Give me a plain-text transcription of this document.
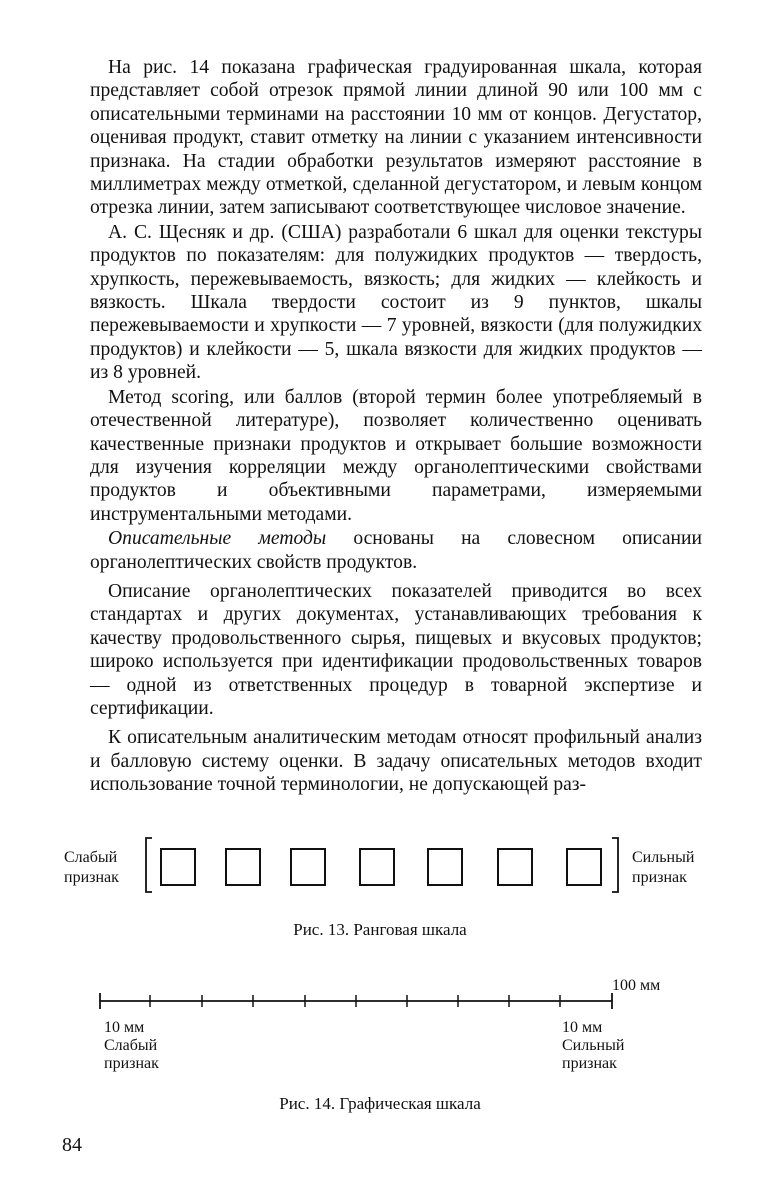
На рис. 14 показана графическая градуированная шкала, которая представляет собой отрезок прямой линии длиной 90 или 100 мм с описательными терминами на расстоянии 10 мм от концов. Дегустатор, оценивая продукт, ставит отметку на линии с указанием интенсивности признака. На стадии обработки результатов измеряют расстояние в миллиметрах между отметкой, сделанной дегустатором, и левым концом отрезка линии, затем записывают соответствующее числовое значение.

А. С. Щесняк и др. (США) разработали 6 шкал для оценки текстуры продуктов по показателям: для полужидких продуктов — твердость, хрупкость, пережевываемость, вязкость; для жидких — клейкость и вязкость. Шкала твердости состоит из 9 пунктов, шкалы пережевываемости и хрупкости — 7 уровней, вязкости (для полужидких продуктов) и клейкости — 5, шкала вязкости для жидких продуктов — из 8 уровней.

Метод scoring, или баллов (второй термин более употребляемый в отечественной литературе), позволяет количественно оценивать качественные признаки продуктов и открывает большие возможности для изучения корреляции между органолептическими свойствами продуктов и объективными параметрами, измеряемыми инструментальными методами.

Описательные методы основаны на словесном описании органолептических свойств продуктов.

Описание органолептических показателей приводится во всех стандартах и других документах, устанавливающих требования к качеству продовольственного сырья, пищевых и вкусовых продуктов; широко используется при идентификации продовольственных товаров — одной из ответственных процедур в товарной экспертизе и сертификации.

К описательным аналитическим методам относят профильный анализ и балловую систему оценки. В задачу описательных методов входит использование точной терминологии, не допускающей раз-

Слабый
признак
Сильный
признак
Рис. 13. Ранговая шкала
100 мм
10 мм
Слабый
признак
10 мм
Сильный
признак
Рис. 14. Графическая шкала
84
